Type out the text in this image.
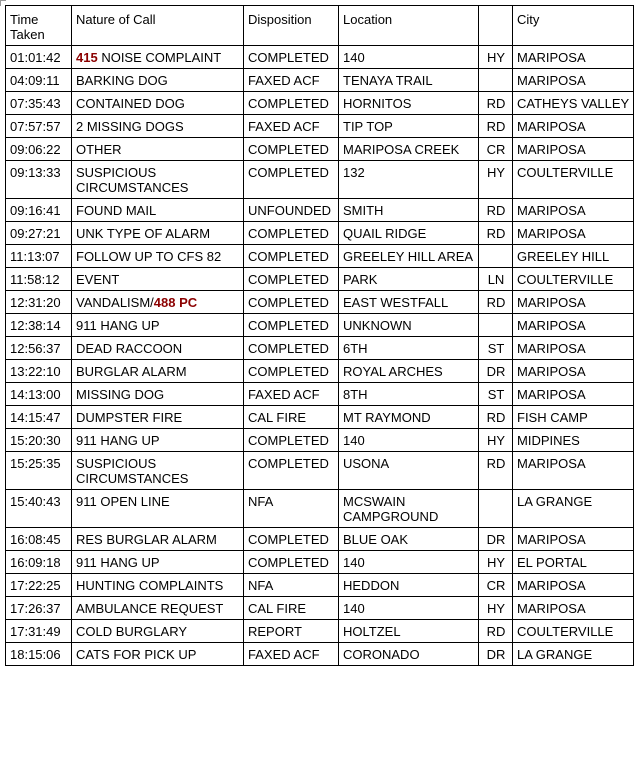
Time Taken	Nature of Call	Disposition	Location		City
01:01:42	415 NOISE COMPLAINT	COMPLETED	140	HY	MARIPOSA
04:09:11	BARKING DOG	FAXED ACF	TENAYA TRAIL		MARIPOSA
07:35:43	CONTAINED DOG	COMPLETED	HORNITOS	RD	CATHEYS VALLEY
07:57:57	2 MISSING DOGS	FAXED ACF	TIP TOP	RD	MARIPOSA
09:06:22	OTHER	COMPLETED	MARIPOSA CREEK	CR	MARIPOSA
09:13:33	SUSPICIOUS CIRCUMSTANCES	COMPLETED	132	HY	COULTERVILLE
09:16:41	FOUND MAIL	UNFOUNDED	SMITH	RD	MARIPOSA
09:27:21	UNK TYPE OF ALARM	COMPLETED	QUAIL RIDGE	RD	MARIPOSA
11:13:07	FOLLOW UP TO CFS 82	COMPLETED	GREELEY HILL AREA		GREELEY HILL
11:58:12	EVENT	COMPLETED	PARK	LN	COULTERVILLE
12:31:20	VANDALISM/488 PC	COMPLETED	EAST WESTFALL	RD	MARIPOSA
12:38:14	911 HANG UP	COMPLETED	UNKNOWN		MARIPOSA
12:56:37	DEAD RACCOON	COMPLETED	6TH	ST	MARIPOSA
13:22:10	BURGLAR ALARM	COMPLETED	ROYAL ARCHES	DR	MARIPOSA
14:13:00	MISSING DOG	FAXED ACF	8TH	ST	MARIPOSA
14:15:47	DUMPSTER FIRE	CAL FIRE	MT RAYMOND	RD	FISH CAMP
15:20:30	911 HANG UP	COMPLETED	140	HY	MIDPINES
15:25:35	SUSPICIOUS CIRCUMSTANCES	COMPLETED	USONA	RD	MARIPOSA
15:40:43	911 OPEN LINE	NFA	MCSWAIN CAMPGROUND		LA GRANGE
16:08:45	RES BURGLAR ALARM	COMPLETED	BLUE OAK	DR	MARIPOSA
16:09:18	911 HANG UP	COMPLETED	140	HY	EL PORTAL
17:22:25	HUNTING COMPLAINTS	NFA	HEDDON	CR	MARIPOSA
17:26:37	AMBULANCE REQUEST	CAL FIRE	140	HY	MARIPOSA
17:31:49	COLD BURGLARY	REPORT	HOLTZEL	RD	COULTERVILLE
18:15:06	CATS FOR PICK UP	FAXED ACF	CORONADO	DR	LA GRANGE
